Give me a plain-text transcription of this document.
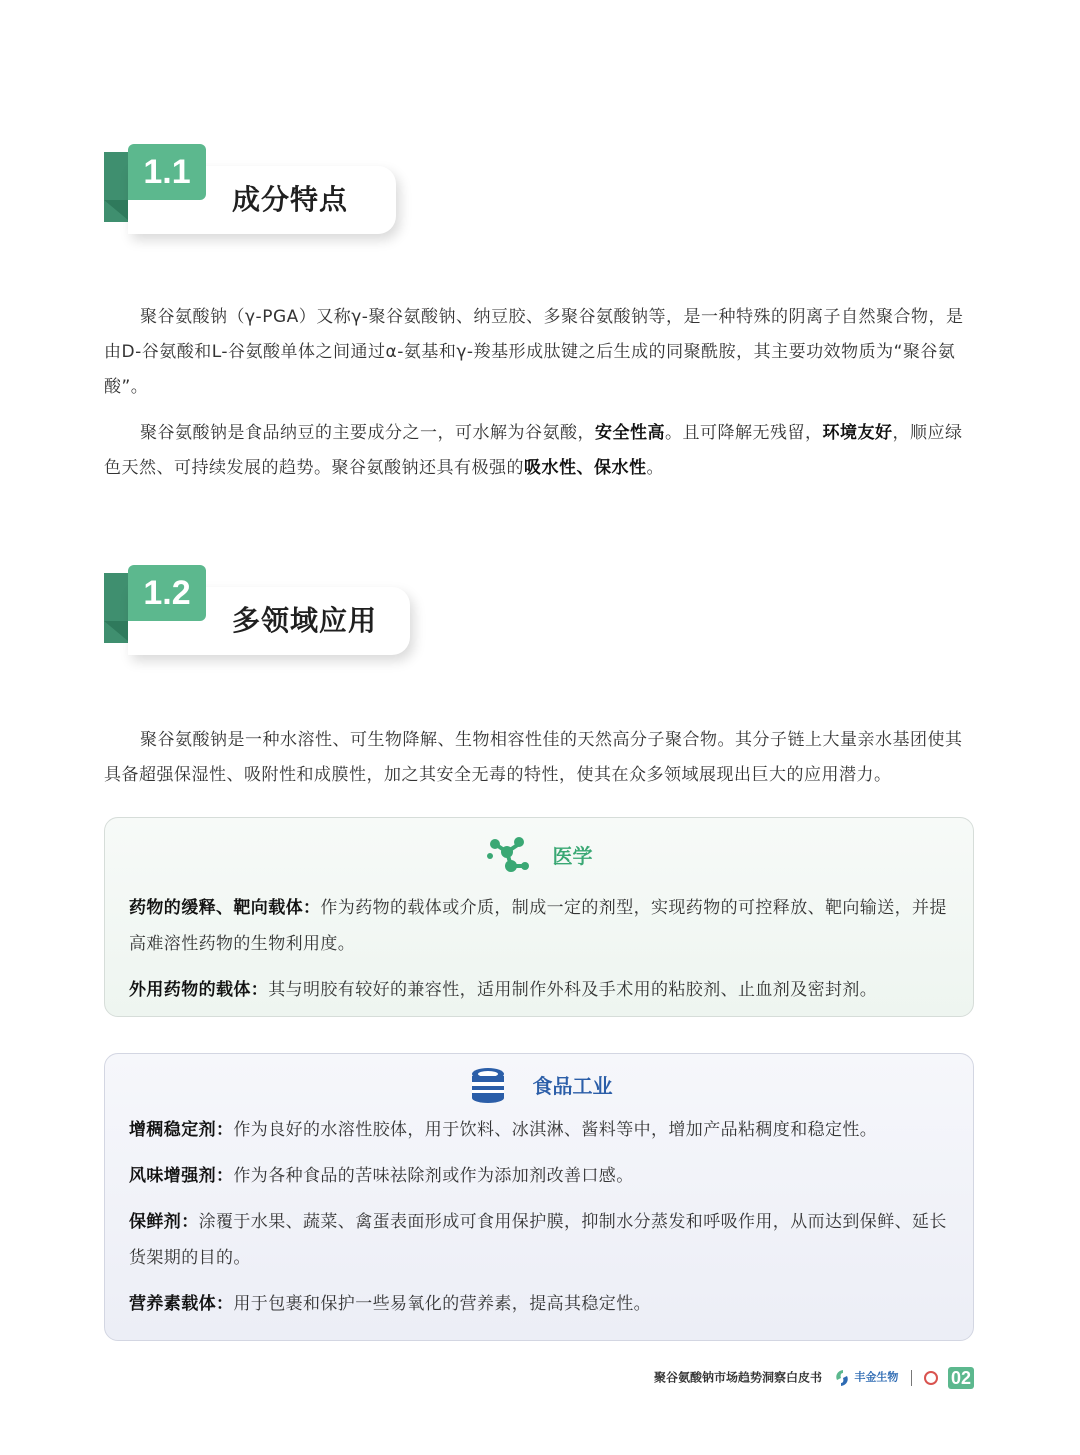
1.1
成分特点

聚谷氨酸钠（γ-PGA）又称γ-聚谷氨酸钠、纳豆胶、多聚谷氨酸钠等，是一种特殊的阴离子自然聚合物，是由D-谷氨酸和L-谷氨酸单体之间通过α-氨基和γ-羧基形成肽键之后生成的同聚酰胺，其主要功效物质为“聚谷氨酸”。

聚谷氨酸钠是食品纳豆的主要成分之一，可水解为谷氨酸，安全性高。且可降解无残留，环境友好，顺应绿色天然、可持续发展的趋势。聚谷氨酸钠还具有极强的吸水性、保水性。

1.2
多领域应用

聚谷氨酸钠是一种水溶性、可生物降解、生物相容性佳的天然高分子聚合物。其分子链上大量亲水基团使其具备超强保湿性、吸附性和成膜性，加之其安全无毒的特性，使其在众多领域展现出巨大的应用潜力。

医学

药物的缓释、靶向载体：作为药物的载体或介质，制成一定的剂型，实现药物的可控释放、靶向输送，并提高难溶性药物的生物利用度。

外用药物的载体：其与明胶有较好的兼容性，适用制作外科及手术用的粘胶剂、止血剂及密封剂。

食品工业

增稠稳定剂：作为良好的水溶性胶体，用于饮料、冰淇淋、酱料等中，增加产品粘稠度和稳定性。

风味增强剂：作为各种食品的苦味祛除剂或作为添加剂改善口感。

保鲜剂：涂覆于水果、蔬菜、禽蛋表面形成可食用保护膜，抑制水分蒸发和呼吸作用，从而达到保鲜、延长货架期的目的。

营养素载体：用于包裹和保护一些易氧化的营养素，提高其稳定性。

聚谷氨酸钠市场趋势洞察白皮书	丰金生物	02
